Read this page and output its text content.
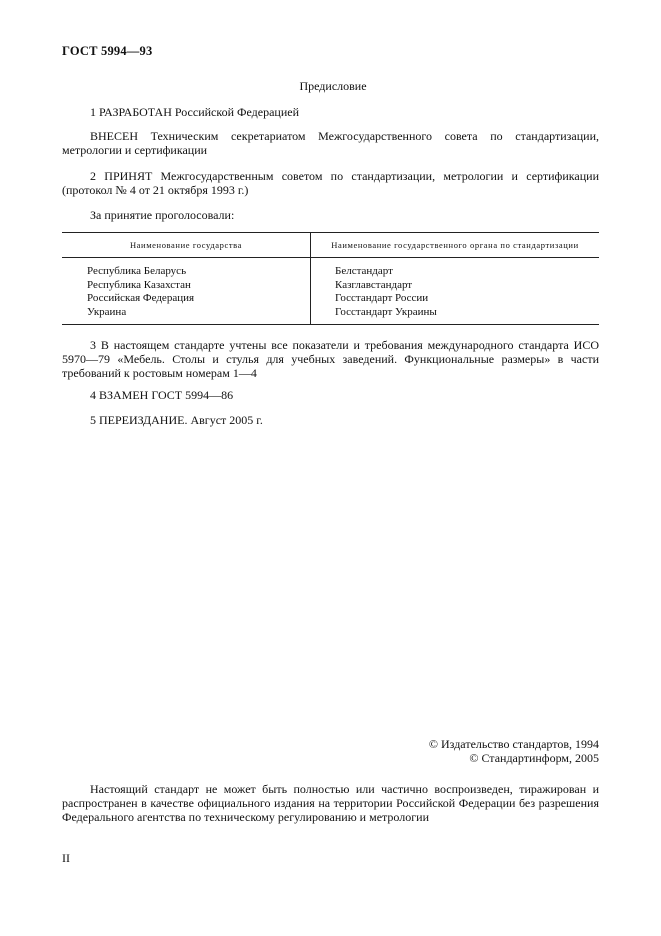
ГОСТ 5994—93
Предисловие
1 РАЗРАБОТАН Российской Федерацией
ВНЕСЕН Техническим секретариатом Межгосударственного совета по стандартизации, метрологии и сертификации
2 ПРИНЯТ Межгосударственным советом по стандартизации, метрологии и сертификации (протокол № 4 от 21 октября 1993 г.)
За принятие проголосовали:
Наименование государства	Наименование государственного органа по стандартизации
Республика Беларусь
Республика Казахстан
Российская Федерация
Украина
Белстандарт
Казглавстандарт
Госстандарт России
Госстандарт Украины
3 В настоящем стандарте учтены все показатели и требования международного стандарта ИСО 5970—79 «Мебель. Столы и стулья для учебных заведений. Функциональные размеры» в части требований к ростовым номерам 1—4
4 ВЗАМЕН ГОСТ 5994—86
5 ПЕРЕИЗДАНИЕ. Август 2005 г.
© Издательство стандартов, 1994
© Стандартинформ, 2005
Настоящий стандарт не может быть полностью или частично воспроизведен, тиражирован и распространен в качестве официального издания на территории Российской Федерации без разрешения Федерального агентства по техническому регулированию и метрологии
II
